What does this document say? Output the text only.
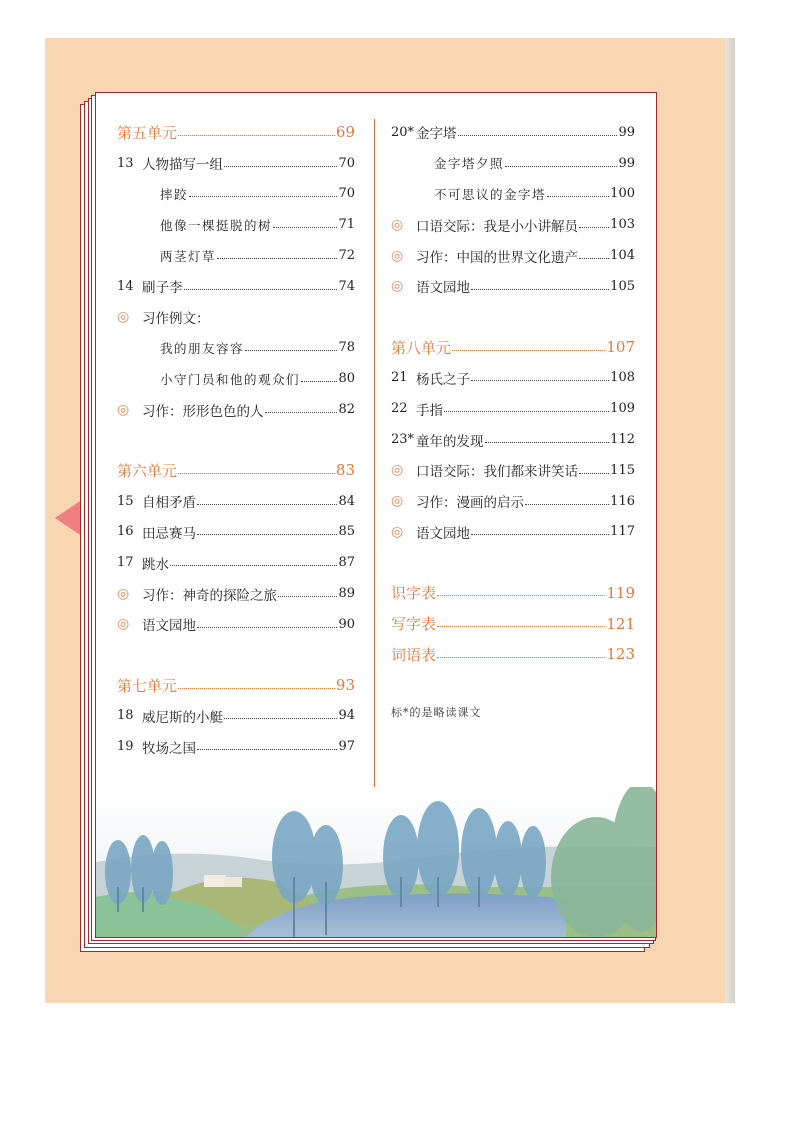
第五单元	69
13 人物描写一组	70
摔跤	70
他像一棵挺脱的树	71
两茎灯草	72
14 刷子李	74
◎ 习作例文：
我的朋友容容	78
小守门员和他的观众们	80
◎ 习作：形形色色的人	82
第六单元	83
15 自相矛盾	84
16 田忌赛马	85
17 跳水	87
◎ 习作：神奇的探险之旅	89
◎ 语文园地	90
第七单元	93
18 威尼斯的小艇	94
19 牧场之国	97
20* 金字塔	99
金字塔夕照	99
不可思议的金字塔	100
◎ 口语交际：我是小小讲解员 103
◎ 习作：中国的世界文化遗产 104
◎ 语文园地	105
第八单元	107
21 杨氏之子	108
22 手指	109
23* 童年的发现	112
◎ 口语交际：我们都来讲笑话 115
◎ 习作：漫画的启示	116
◎ 语文园地	117
识字表	119
写字表	121
词语表	123
标*的是略读课文
